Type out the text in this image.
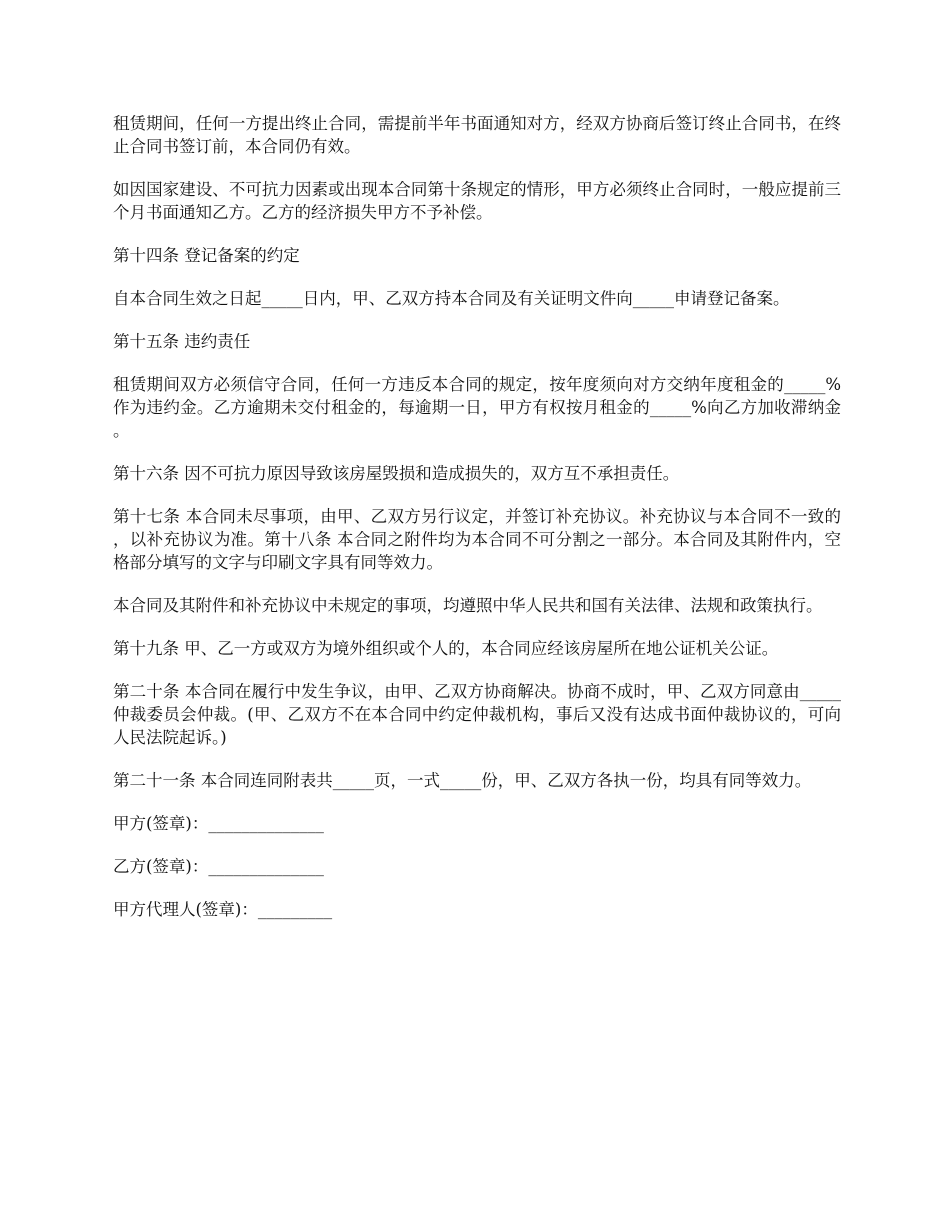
租赁期间，任何一方提出终止合同，需提前半年书面通知对方，经双方协商后签订终止合同书，在终止合同书签订前，本合同仍有效。

如因国家建设、不可抗力因素或出现本合同第十条规定的情形，甲方必须终止合同时，一般应提前三个月书面通知乙方。乙方的经济损失甲方不予补偿。

第十四条 登记备案的约定

自本合同生效之日起_____日内，甲、乙双方持本合同及有关证明文件向_____申请登记备案。

第十五条 违约责任

租赁期间双方必须信守合同，任何一方违反本合同的规定，按年度须向对方交纳年度租金的_____%作为违约金。乙方逾期未交付租金的，每逾期一日，甲方有权按月租金的_____%向乙方加收滞纳金。

第十六条 因不可抗力原因导致该房屋毁损和造成损失的，双方互不承担责任。

第十七条 本合同未尽事项，由甲、乙双方另行议定，并签订补充协议。补充协议与本合同不一致的，以补充协议为准。第十八条 本合同之附件均为本合同不可分割之一部分。本合同及其附件内，空格部分填写的文字与印刷文字具有同等效力。

本合同及其附件和补充协议中未规定的事项，均遵照中华人民共和国有关法律、法规和政策执行。

第十九条 甲、乙一方或双方为境外组织或个人的，本合同应经该房屋所在地公证机关公证。

第二十条 本合同在履行中发生争议，由甲、乙双方协商解决。协商不成时，甲、乙双方同意由_____仲裁委员会仲裁。(甲、乙双方不在本合同中约定仲裁机构，事后又没有达成书面仲裁协议的，可向人民法院起诉。)

第二十一条 本合同连同附表共_____页，一式_____份，甲、乙双方各执一份，均具有同等效力。

甲方(签章)：______________

乙方(签章)：______________

甲方代理人(签章)：_________
